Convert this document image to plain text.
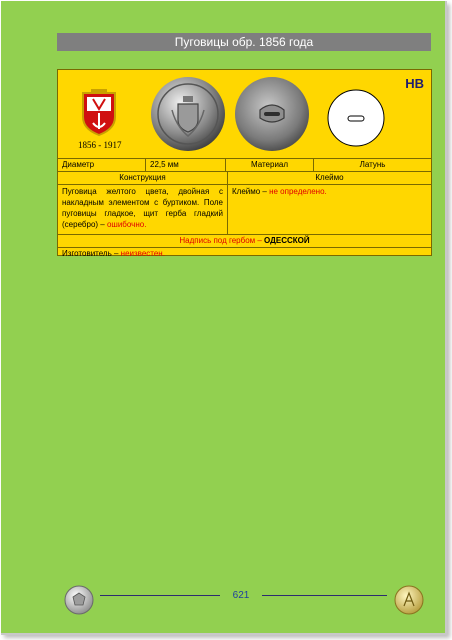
Пуговицы обр. 1856 года
НВ
1856 - 1917
Диаметр	22,5 мм	Материал	Латунь
Конструкция	Клеймо
Пуговица желтого цвета, двойная с накладным элементом с буртиком. Поле пуговицы гладкое, щит герба гладкий (серебро) – ошибочно.
Клеймо – не определено.
Надпись под гербом – ОДЕССКОЙ
Изготовитель – неизвестен.
621
